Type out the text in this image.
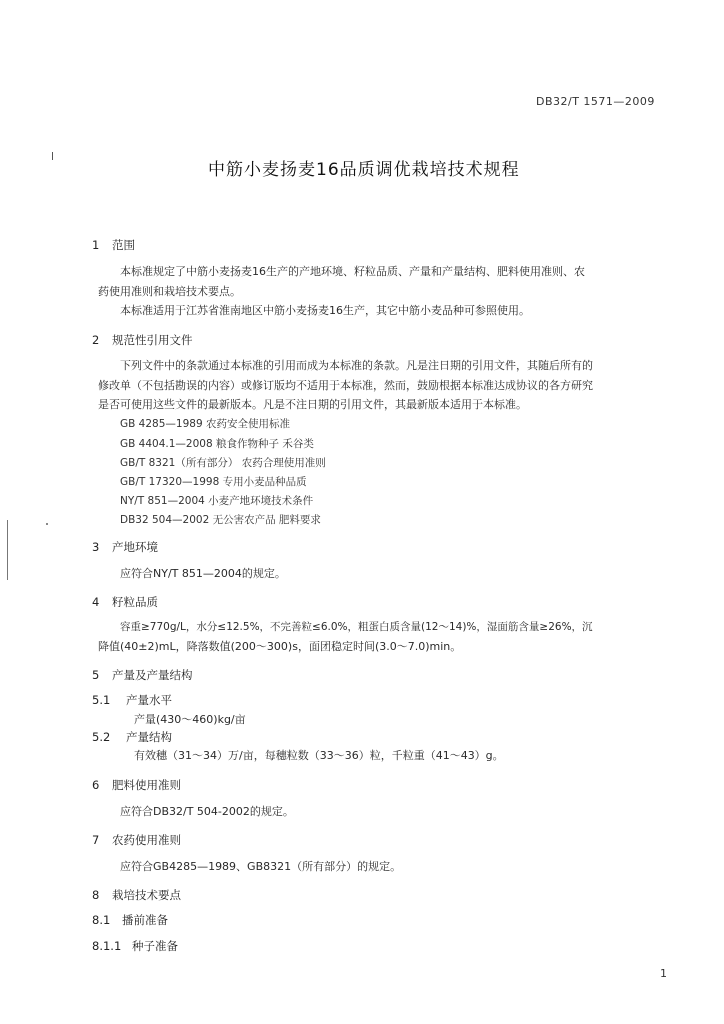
DB32/T 1571—2009
中筋小麦扬麦16品质调优栽培技术规程
1 范围
本标准规定了中筋小麦扬麦16生产的产地环境、籽粒品质、产量和产量结构、肥料使用准则、农
药使用准则和栽培技术要点。
本标准适用于江苏省淮南地区中筋小麦扬麦16生产，其它中筋小麦品种可参照使用。
2 规范性引用文件
下列文件中的条款通过本标准的引用而成为本标准的条款。凡是注日期的引用文件，其随后所有的
修改单（不包括勘误的内容）或修订版均不适用于本标准，然而，鼓励根据本标准达成协议的各方研究
是否可使用这些文件的最新版本。凡是不注日期的引用文件，其最新版本适用于本标准。
GB 4285—1989 农药安全使用标准
GB 4404.1—2008 粮食作物种子 禾谷类
GB/T 8321（所有部分） 农药合理使用准则
GB/T 17320—1998 专用小麦品种品质
NY/T 851—2004 小麦产地环境技术条件
DB32 504—2002 无公害农产品 肥料要求
3 产地环境
应符合NY/T 851—2004的规定。
4 籽粒品质
容重≥770g/L，水分≤12.5%，不完善粒≤6.0%，粗蛋白质含量(12～14)%，湿面筋含量≥26%，沉
降值(40±2)mL，降落数值(200～300)s，面团稳定时间(3.0～7.0)min。
5 产量及产量结构
5.1 产量水平
产量(430～460)kg/亩
5.2 产量结构
有效穗（31～34）万/亩，每穗粒数（33～36）粒，千粒重（41～43）g。
6 肥料使用准则
应符合DB32/T 504-2002的规定。
7 农药使用准则
应符合GB4285—1989、GB8321（所有部分）的规定。
8 栽培技术要点
8.1 播前准备
8.1.1 种子准备
1
